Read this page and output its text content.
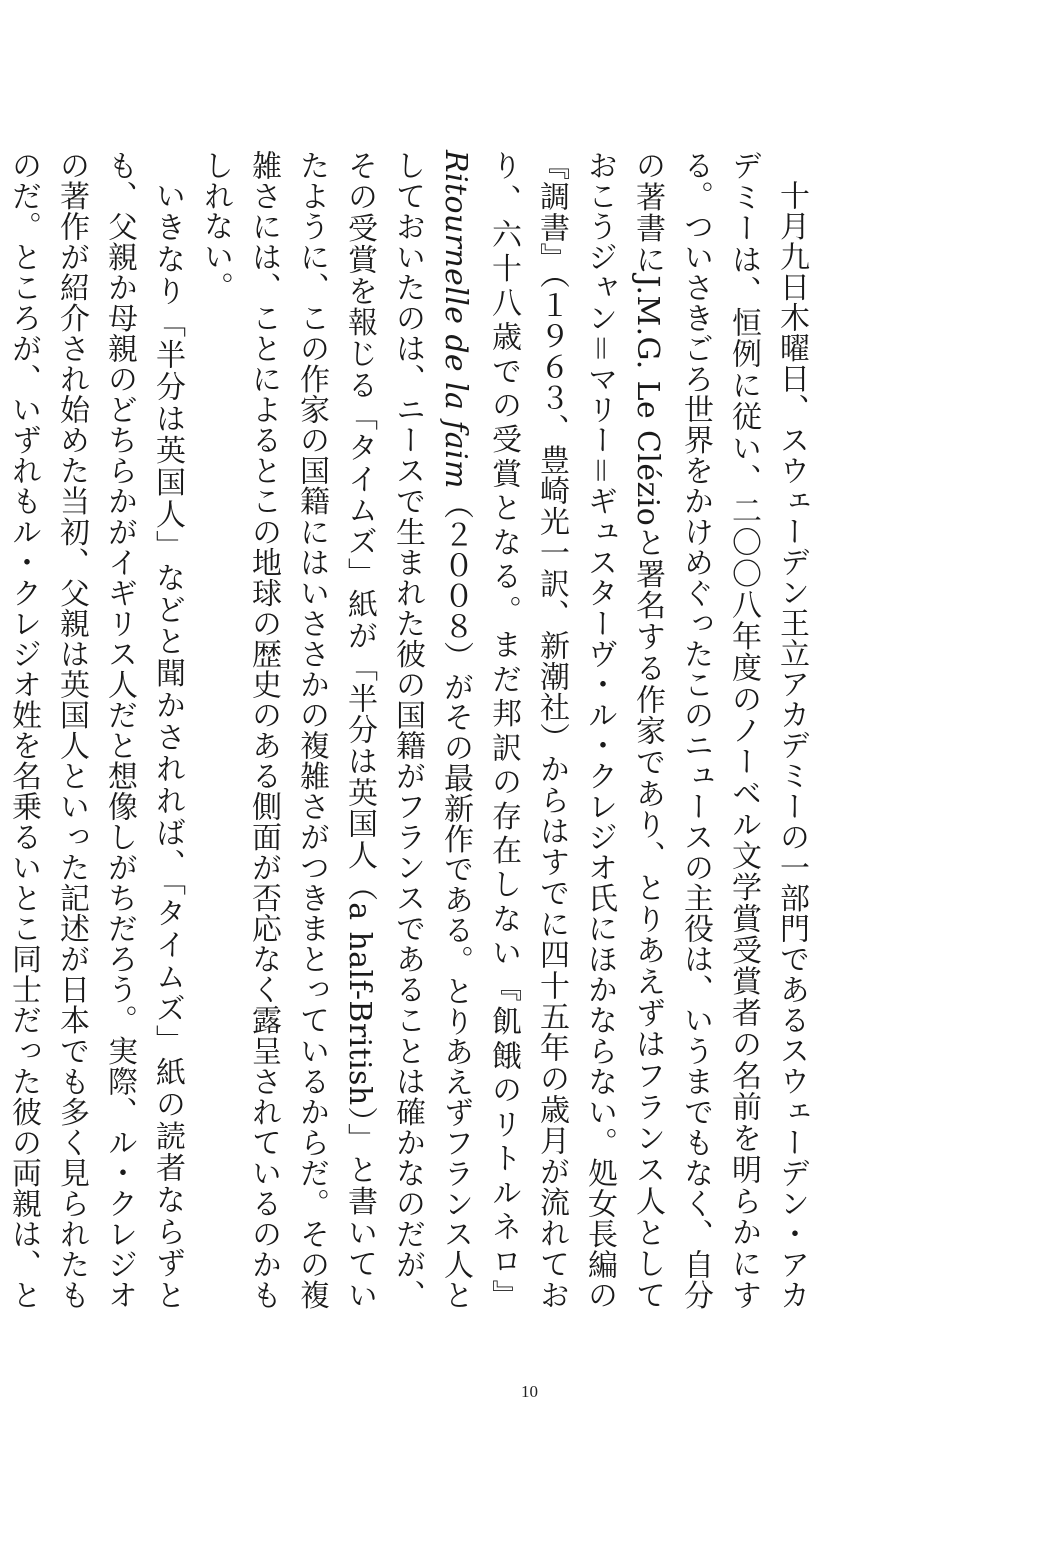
十月九日木曜日、スウェーデン王立アカデミーの一部門であるスウェーデン・アカデミーは、恒例に従い、二〇〇八年度のノーベル文学賞受賞者の名前を明らかにする。ついさきごろ世界をかけめぐったこのニュースの主役は、いうまでもなく、自分の著書にJ.M.G. Le Clézioと署名する作家であり、とりあえずはフランス人としておこうジャン＝マリー＝ギュスターヴ・ル・クレジオ氏にほかならない。処女長編の『調書』（１９６３、豊崎光一訳、新潮社）からはすでに四十五年の歳月が流れており、六十八歳での受賞となる。まだ邦訳の存在しない『飢餓のリトルネロ』Ritournelle de la faim（２００８）がその最新作である。とりあえずフランス人としておいたのは、ニースで生まれた彼の国籍がフランスであることは確かなのだが、その受賞を報じる「タイムズ」紙が「半分は英国人（a half-British）」と書いていたように、この作家の国籍にはいささかの複雑さがつきまとっているからだ。その複雑さには、ことによるとこの地球の歴史のある側面が否応なく露呈されているのかもしれない。

いきなり「半分は英国人」などと聞かされれば、「タイムズ」紙の読者ならずとも、父親か母親のどちらかがイギリス人だと想像しがちだろう。実際、ル・クレジオの著作が紹介され始めた当初、父親は英国人といった記述が日本でも多く見られたものだ。ところが、いずれもル・クレジオ姓を名乗るいとこ同士だった彼の両親は、と

10
